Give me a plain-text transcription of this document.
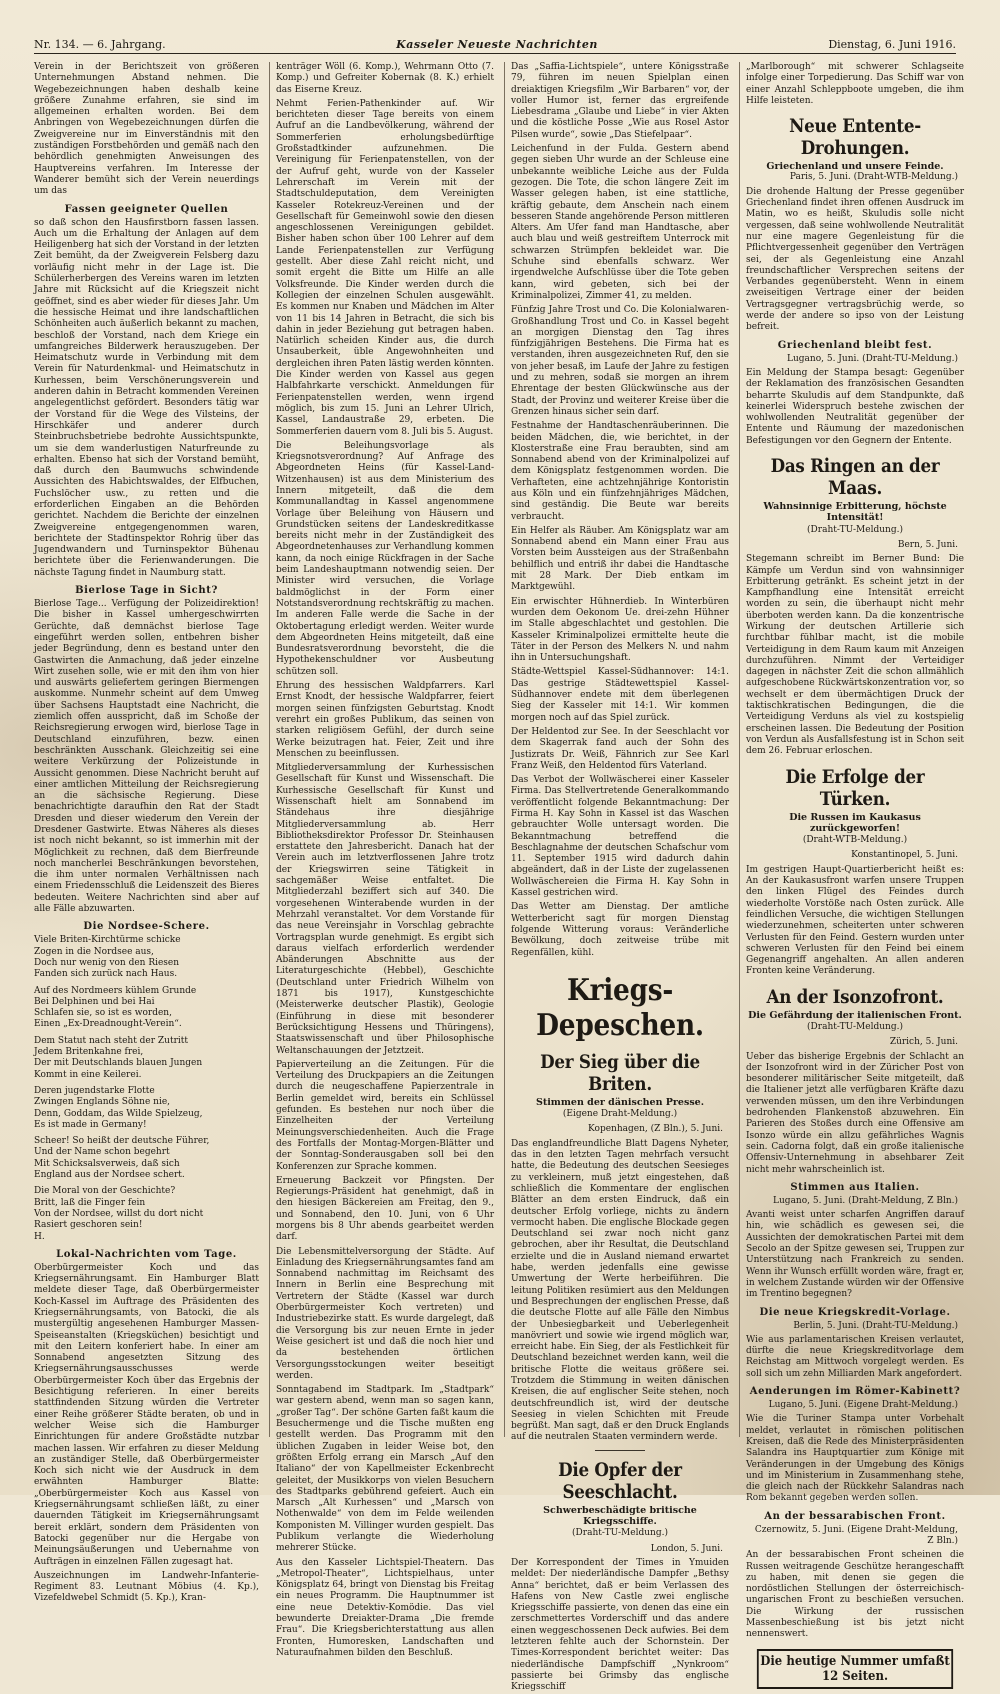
Nr. 134. — 6. Jahrgang.	Kasseler Neueste Nachrichten	Dienstag, 6. Juni 1916.

Verein in der Berichtszeit von größeren Unternehmungen Abstand nehmen. Die Wegebezeichnungen haben deshalb keine größere Zunahme erfahren, sie sind im allgemeinen erhalten worden. Bei dem Anbringen von Wegebezeichnungen dürfen die Zweigvereine nur im Einverständnis mit den zuständigen Forstbehörden und gemäß nach den behördlich genehmigten Anweisungen des Hauptvereins verfahren. Im Interesse der Wanderer bemüht sich der Verein neuerdings um das

Fassen geeigneter Quellen

so daß schon den Hausfirstborn fassen lassen. Auch um die Erhaltung der Anlagen auf dem Heiligenberg hat sich der Vorstand in der letzten Zeit bemüht, da der Zweigverein Felsberg dazu vorläufig nicht mehr in der Lage ist. Die Schülerherbergen des Vereins waren im letzten Jahre mit Rücksicht auf die Kriegszeit nicht geöffnet, sind es aber wieder für dieses Jahr. Um die hessische Heimat und ihre landschaftlichen Schönheiten auch äußerlich bekannt zu machen, beschloß der Vorstand, nach dem Kriege ein umfangreiches Bilderwerk herauszugeben. Der Heimatschutz wurde in Verbindung mit dem Verein für Naturdenkmal- und Heimatschutz in Kurhessen, beim Verschönerungsverein und anderen dahin in Betracht kommenden Vereinen angelegentlichst gefördert. Besonders tätig war der Vorstand für die Wege des Vilsteins, der Hirschkäfer und anderer durch Steinbruchsbetriebe bedrohte Aussichtspunkte, um sie dem wanderlustigen Naturfreunde zu erhalten. Ebenso hat sich der Vorstand bemüht, daß durch den Baumwuchs schwindende Aussichten des Habichtswaldes, der Elfbuchen, Fuchslöcher usw., zu retten und die erforderlichen Eingaben an die Behörden gerichtet. Nachdem die Berichte der einzelnen Zweigvereine entgegengenommen waren, berichtete der Stadtinspektor Rohrig über das Jugendwandern und Turninspektor Bühenau berichtete über die Ferienwanderungen. Die nächste Tagung findet in Naumburg statt.

Bierlose Tage in Sicht?

Bierlose Tage... Verfügung der Polizeidirektion! Die bisher in Kassel umhergeschwirrten Gerüchte, daß demnächst bierlose Tage eingeführt werden sollen, entbehren bisher jeder Begründung, denn es bestand unter den Gastwirten die Anmachung, daß jeder einzelne Wirt zusehen solle, wie er mit den ihm von hier und auswärts geliefertem geringen Biermengen auskomme. Nunmehr scheint auf dem Umweg über Sachsens Hauptstadt eine Nachricht, die ziemlich offen ausspricht, daß im Schoße der Reichsregierung erwogen wird, bierlose Tage in Deutschland einzuführen, bezw. einen beschränkten Ausschank. Gleichzeitig sei eine weitere Verkürzung der Polizeistunde in Aussicht genommen. Diese Nachricht beruht auf einer amtlichen Mitteilung der Reichsregierung an die sächsische Regierung. Diese benachrichtigte daraufhin den Rat der Stadt Dresden und dieser wiederum den Verein der Dresdener Gastwirte. Etwas Näheres als dieses ist noch nicht bekannt, so ist immerhin mit der Möglichkeit zu rechnen, daß dem Bierfreunde noch mancherlei Beschränkungen bevorstehen, die ihm unter normalen Verhältnissen nach einem Friedensschluß die Leidenszeit des Bieres bedeuten. Weitere Nachrichten sind aber auf alle Fälle abzuwarten.

Die Nordsee-Schere.

Viele Briten-Kirchtürme schicke

Zogen in die Nordsee aus,

Doch nur wenig von den Riesen

Fanden sich zurück nach Haus.

Auf des Nordmeers kühlem Grunde

Bei Delphinen und bei Hai

Schlafen sie, so ist es worden,

Einen „Ex-Dreadnought-Verein“.

Dem Statut nach steht der Zutritt

Jedem Britenkahne frei,

Der mit Deutschlands blauen Jungen

Kommt in eine Keilerei.

Deren jugendstarke Flotte

Zwingen Englands Söhne nie,

Denn, Goddam, das Wilde Spielzeug,

Es ist made in Germany!

Scheer! So heißt der deutsche Führer,

Und der Name schon begehrt

Mit Schicksalsverweis, daß sich

England aus der Nordsee schert.

Die Moral von der Geschichte?

Britt, laß die Finger fein

Von der Nordsee, willst du dort nicht

Rasiert geschoren sein!

H.

Lokal-Nachrichten vom Tage.

Oberbürgermeister Koch und das Kriegsernährungsamt. Ein Hamburger Blatt meldete dieser Tage, daß Oberbürgermeister Koch-Kassel im Auftrage des Präsidenten des Kriegsernährungsamts, von Batocki, die als mustergültig angesehenen Hamburger Massen-Speiseanstalten (Kriegsküchen) besichtigt und mit den Leitern konferiert habe. In einer am Sonnabend angesetzten Sitzung des Kriegsernährungsausschusses werde Oberbürgermeister Koch über das Ergebnis der Besichtigung referieren. In einer bereits stattfindenden Sitzung würden die Vertreter einer Reihe größerer Städte beraten, ob und in welcher Weise sich die Hamburger Einrichtungen für andere Großstädte nutzbar machen lassen. Wir erfahren zu dieser Meldung an zuständiger Stelle, daß Oberbürgermeister Koch sich nicht wie der Ausdruck in dem erwähnten Hamburger Blatte: „Oberbürgermeister Koch aus Kassel von Kriegsernährungsamt schließen läßt, zu einer dauernden Tätigkeit im Kriegsernährungsamt bereit erklärt, sondern dem Präsidenten von Batocki gegenüber nur die Hergabe von Meinungsäußerungen und Uebernahme von Aufträgen in einzelnen Fällen zugesagt hat.

Auszeichnungen im Landwehr-Infanterie-Regiment 83. Leutnant Möbius (4. Kp.), Vizefeldwebel Schmidt (5. Kp.), Kran-

kenträger Wöll (6. Komp.), Wehrmann Otto (7. Komp.) und Gefreiter Kobernak (8. K.) erhielt das Eiserne Kreuz.

Nehmt Ferien-Pathenkinder auf. Wir berichteten dieser Tage bereits von einem Aufruf an die Landbevölkerung, während der Sommerferien erholungsbedürftige Großstadtkinder aufzunehmen. Die Vereinigung für Ferienpatenstellen, von der der Aufruf geht, wurde von der Kasseler Lehrerschaft im Verein mit der Stadtschuldeputation, dem Vereinigten Kasseler Rotekreuz-Vereinen und der Gesellschaft für Gemeinwohl sowie den diesen angeschlossenen Vereinigungen gebildet. Bisher haben schon über 100 Lehrer auf dem Lande Ferienpatenstellen zur Verfügung gestellt. Aber diese Zahl reicht nicht, und somit ergeht die Bitte um Hilfe an alle Volksfreunde. Die Kinder werden durch die Kollegien der einzelnen Schulen ausgewählt. Es kommen nur Knaben und Mädchen im Alter von 11 bis 14 Jahren in Betracht, die sich bis dahin in jeder Beziehung gut betragen haben. Natürlich scheiden Kinder aus, die durch Unsauberkeit, üble Angewohnheiten und dergleichen ihren Paten lästig werden könnten. Die Kinder werden von Kassel aus gegen Halbfahrkarte verschickt. Anmeldungen für Ferienpatenstellen werden, wenn irgend möglich, bis zum 15. Juni an Lehrer Ulrich, Kassel, Landaustraße 29, erbeten. Die Sommerferien dauern vom 8. Juli bis 5. August.

Die Beleihungsvorlage als Kriegsnotsverordnung? Auf Anfrage des Abgeordneten Heins (für Kassel-Land-Witzenhausen) ist aus dem Ministerium des Innern mitgeteilt, daß die dem Kommunallandtag in Kassel angenommene Vorlage über Beleihung von Häusern und Grundstücken seitens der Landeskreditkasse bereits nicht mehr in der Zuständigkeit des Abgeordnetenhauses zur Verhandlung kommen kann, da noch einige Rückfragen in der Sache beim Landeshauptmann notwendig seien. Der Minister wird versuchen, die Vorlage baldmöglichst in der Form einer Notstandsverordnung rechtskräftig zu machen. Im anderen Falle werde die Sache in der Oktobertagung erledigt werden. Weiter wurde dem Abgeordneten Heins mitgeteilt, daß eine Bundesratsverordnung bevorsteht, die die Hypothekenschuldner vor Ausbeutung schützen soll.

Ehrung des hessischen Waldpfarrers. Karl Ernst Knodt, der hessische Waldpfarrer, feiert morgen seinen fünfzigsten Geburtstag. Knodt verehrt ein großes Publikum, das seinen von starken religiösem Gefühl, der durch seine Werke beizutragen hat. Feier, Zeit und ihre Menschen zu beeinflussen.

Mitgliederversammlung der Kurhessischen Gesellschaft für Kunst und Wissenschaft. Die Kurhessische Gesellschaft für Kunst und Wissenschaft hielt am Sonnabend im Ständehaus ihre diesjährige Mitgliederversammlung ab. Herr Bibliotheksdirektor Professor Dr. Steinhausen erstattete den Jahresbericht. Danach hat der Verein auch im letztverflossenen Jahre trotz der Kriegswirren seine Tätigkeit in sachgemäßer Weise entfaltet. Die Mitgliederzahl beziffert sich auf 340. Die vorgesehenen Winterabende wurden in der Mehrzahl veranstaltet. Vor dem Vorstande für das neue Vereinsjahr in Vorschlag gebrachte Vortragsplan wurde genehmigt. Es ergibt sich daraus vielfach erforderlich werdender Abänderungen Abschnitte aus der Literaturgeschichte (Hebbel), Geschichte (Deutschland unter Friedrich Wilhelm von 1871 bis 1917), Kunstgeschichte (Meisterwerke deutscher Plastik), Geologie (Einführung in diese mit besonderer Berücksichtigung Hessens und Thüringens), Staatswissenschaft und über Philosophische Weltanschauungen der Jetztzeit.

Papierverteilung an die Zeitungen. Für die Verteilung des Druckpapiers an die Zeitungen durch die neugeschaffene Papierzentrale in Berlin gemeldet wird, bereits ein Schlüssel gefunden. Es bestehen nur noch über die Einzelheiten der Verteilung Meinungsverschiedenheiten. Auch die Frage des Fortfalls der Montag-Morgen-Blätter und der Sonntag-Sonderausgaben soll bei den Konferenzen zur Sprache kommen.

Erneuerung Backzeit vor Pfingsten. Der Regierungs-Präsident hat genehmigt, daß in den hiesigen Bäckereien am Freitag, den 9., und Sonnabend, den 10. Juni, von 6 Uhr morgens bis 8 Uhr abends gearbeitet werden darf.

Die Lebensmittelversorgung der Städte. Auf Einladung des Kriegsernährungsamtes fand am Sonnabend nachmittag im Reichsamt des Innern in Berlin eine Besprechung mit Vertretern der Städte (Kassel war durch Oberbürgermeister Koch vertreten) und Industriebezirke statt. Es wurde dargelegt, daß die Versorgung bis zur neuen Ernte in jeder Weise gesichert ist und daß die noch hier und da bestehenden örtlichen Versorgungsstockungen weiter beseitigt werden.

Sonntagabend im Stadtpark. Im „Stadtpark“ war gestern abend, wenn man so sagen kann, „großer Tag“. Der schöne Garten faßt kaum die Besuchermenge und die Tische mußten eng gestellt werden. Das Programm mit den üblichen Zugaben in leider Weise bot, den größten Erfolg errang ein Marsch „Auf den Italiano“ der von Kapellmeister Eckenbrecht geleitet, der Musikkorps von vielen Besuchern des Stadtparks gebührend gefeiert. Auch ein Marsch „Alt Kurhessen“ und „Marsch von Nothenwalde“ von dem im Felde weilenden Komponisten M. Villinger wurden gespielt. Das Publikum verlangte die Wiederholung mehrerer Stücke.

Aus den Kasseler Lichtspiel-Theatern. Das „Metropol-Theater“, Lichtspielhaus, unter Königsplatz 64, bringt von Dienstag bis Freitag ein neues Programm. Die Hauptnummer ist eine neue Detektiv-Komödie. Das viel bewunderte Dreiakter-Drama „Die fremde Frau“. Die Kriegsberichterstattung aus allen Fronten, Humoresken, Landschaften und Naturaufnahmen bilden den Beschluß.

Das „Saffia-Lichtspiele“, untere Königsstraße 79, führen im neuen Spielplan einen dreiaktigen Kriegsfilm „Wir Barbaren“ vor, der voller Humor ist, ferner das ergreifende Liebesdrama „Glaube und Liebe“ in vier Akten und die köstliche Posse „Wie aus Rosel Astor Pilsen wurde“, sowie „Das Stiefelpaar“.

Leichenfund in der Fulda. Gestern abend gegen sieben Uhr wurde an der Schleuse eine unbekannte weibliche Leiche aus der Fulda gezogen. Die Tote, die schon längere Zeit im Wasser gelegen haben, ist eine stattliche, kräftig gebaute, dem Anschein nach einem besseren Stande angehörende Person mittleren Alters. Am Ufer fand man Handtasche, aber auch blau und weiß gestreiftem Unterrock mit schwarzen Strümpfen bekleidet war. Die Schuhe sind ebenfalls schwarz. Wer irgendwelche Aufschlüsse über die Tote geben kann, wird gebeten, sich bei der Kriminalpolizei, Zimmer 41, zu melden.

Fünfzig Jahre Trost und Co. Die Kolonialwaren-Großhandlung Trost und Co. in Kassel begeht an morgigen Dienstag den Tag ihres fünfzigjährigen Bestehens. Die Firma hat es verstanden, ihren ausgezeichneten Ruf, den sie von jeher besaß, im Laufe der Jahre zu festigen und zu mehren, sodaß sie morgen an ihrem Ehrentage der besten Glückwünsche aus der Stadt, der Provinz und weiterer Kreise über die Grenzen hinaus sicher sein darf.

Festnahme der Handtaschenräuberinnen. Die beiden Mädchen, die, wie berichtet, in der Klosterstraße eine Frau beraubten, sind am Sonnabend abend von der Kriminalpolizei auf dem Königsplatz festgenommen worden. Die Verhafteten, eine achtzehnjährige Kontoristin aus Köln und ein fünfzehnjähriges Mädchen, sind geständig. Die Beute war bereits verbraucht.

Ein Helfer als Räuber. Am Königsplatz war am Sonnabend abend ein Mann einer Frau aus Vorsten beim Aussteigen aus der Straßenbahn behilflich und entriß ihr dabei die Handtasche mit 28 Mark. Der Dieb entkam im Marktgewühl.

Ein erwischter Hühnerdieb. In Winterbüren wurden dem Oekonom Ue. drei-zehn Hühner im Stalle abgeschlachtet und gestohlen. Die Kasseler Kriminalpolizei ermittelte heute die Täter in der Person des Melkers N. und nahm ihn in Untersuchungshaft.

Städte-Wettspiel Kassel-Südhannover: 14:1. Das gestrige Städtewettspiel Kassel-Südhannover endete mit dem überlegenen Sieg der Kasseler mit 14:1. Wir kommen morgen noch auf das Spiel zurück.

Der Heldentod zur See. In der Seeschlacht vor dem Skagerrak fand auch der Sohn des Justizrats Dr. Weiß, Fähnrich zur See Karl Franz Weiß, den Heldentod fürs Vaterland.

Das Verbot der Wollwäscherei einer Kasseler Firma. Das Stellvertretende Generalkommando veröffentlicht folgende Bekanntmachung: Der Firma H. Kay Sohn in Kassel ist das Waschen gebrauchter Wolle untersagt worden. Die Bekanntmachung betreffend die Beschlagnahme der deutschen Schafschur vom 11. September 1915 wird dadurch dahin abgeändert, daß in der Liste der zugelassenen Wollwäschereien die Firma H. Kay Sohn in Kassel gestrichen wird.

Das Wetter am Dienstag. Der amtliche Wetterbericht sagt für morgen Dienstag folgende Witterung voraus: Veränderliche Bewölkung, doch zeitweise trübe mit Regenfällen, kühl.

Kriegs-Depeschen.
Der Sieg über die Briten.

Stimmen der dänischen Presse.

(Eigene Draht-Meldung.)

Kopenhagen, (Z Bln.), 5. Juni.

Das englandfreundliche Blatt Dagens Nyheter, das in den letzten Tagen mehrfach versucht hatte, die Bedeutung des deutschen Seesieges zu verkleinern, muß jetzt eingestehen, daß schließlich die Kommentare der englischen Blätter an dem ersten Eindruck, daß ein deutscher Erfolg vorliege, nichts zu ändern vermocht haben. Die englische Blockade gegen Deutschland sei zwar noch nicht ganz gebrochen, aber ihr Resultat, die Deutschland erzielte und die in Ausland niemand erwartet habe, werden jedenfalls eine gewisse Umwertung der Werte herbeiführen. Die leitung Politiken resümiert aus den Meldungen und Besprechungen der englischen Presse, daß die deutsche Flotte auf alle Fälle den Nimbus der Unbesiegbarkeit und Ueberlegenheit manövriert und sowie wie irgend möglich war, erreicht habe. Ein Sieg, der als Festlichkeit für Deutschland bezeichnet werden kann, weil die britische Flotte die weitaus größere sei. Trotzdem die Stimmung in weiten dänischen Kreisen, die auf englischer Seite stehen, noch deutschfreundlich ist, wird der deutsche Seesieg in vielen Schichten mit Freude begrüßt. Man sagt, daß er den Druck Englands auf die neutralen Staaten vermindern werde.

Die Opfer der Seeschlacht.

Schwerbeschädigte britische Kriegsschiffe.

(Draht-TU-Meldung.)

London, 5. Juni.

Der Korrespondent der Times in Ymuiden meldet: Der niederländische Dampfer „Bethsy Anna“ berichtet, daß er beim Verlassen des Hafens von New Castle zwei englische Kriegsschiffe passierte, von denen das eine ein zerschmettertes Vorderschiff und das andere einen weggeschossenen Deck aufwies. Bei dem letzteren fehlte auch der Schornstein. Der Times-Korrespondent berichtet weiter: Das niederländische Dampfschiff „Nynkroom“ passierte bei Grimsby das englische Kriegsschiff

„Marlborough“ mit schwerer Schlagseite infolge einer Torpedierung. Das Schiff war von einer Anzahl Schleppboote umgeben, die ihm Hilfe leisteten.

Neue Entente-Drohungen.

Griechenland und unsere Feinde.

Paris, 5. Juni. (Draht-WTB-Meldung.)

Die drohende Haltung der Presse gegenüber Griechenland findet ihren offenen Ausdruck im Matin, wo es heißt, Skuludis solle nicht vergessen, daß seine wohlwollende Neutralität nur eine magere Gegenleistung für die Pflichtvergessenheit gegenüber den Verträgen sei, der als Gegenleistung eine Anzahl freundschaftlicher Versprechen seitens der Verbandes gegenübersteht. Wenn in einem zweiseitigen Vertrage einer der beiden Vertragsgegner vertragsbrüchig werde, so werde der andere so ipso von der Leistung befreit.

Griechenland bleibt fest.

Lugano, 5. Juni. (Draht-TU-Meldung.)

Ein Meldung der Stampa besagt: Gegenüber der Reklamation des französischen Gesandten beharrte Skuludis auf dem Standpunkte, daß keinerlei Widerspruch bestehe zwischen der wohlwollenden Neutralität gegenüber der Entente und Räumung der mazedonischen Befestigungen vor den Gegnern der Entente.

Das Ringen an der Maas.

Wahnsinnige Erbitterung, höchste Intensität!

(Draht-TU-Meldung.)

Bern, 5. Juni.

Stegemann schreibt im Berner Bund: Die Kämpfe um Verdun sind von wahnsinniger Erbitterung getränkt. Es scheint jetzt in der Kampfhandlung eine Intensität erreicht worden zu sein, die überhaupt nicht mehr überboten werden kann. Da die konzentrische Wirkung der deutschen Artillerie sich furchtbar fühlbar macht, ist die mobile Verteidigung in dem Raum kaum mit Anzeigen durchzuführen. Nimmt der Verteidiger dagegen in nächster Zeit die schon allmählich aufgeschobene Rückwärtskonzentration vor, so wechselt er dem übermächtigen Druck der taktischkratischen Bedingungen, die die Verteidigung Verduns als viel zu kostspielig erscheinen lassen. Die Bedeutung der Position von Verdun als Ausfallsfestung ist in Schon seit dem 26. Februar erloschen.

Die Erfolge der Türken.

Die Russen im Kaukasus zurückgeworfen!

(Draht-WTB-Meldung.)

Konstantinopel, 5. Juni.

Im gestrigen Haupt-Quartierbericht heißt es: An der Kaukasusfront warfen unsere Truppen den linken Flügel des Feindes durch wiederholte Vorstöße nach Osten zurück. Alle feindlichen Versuche, die wichtigen Stellungen wiederzunehmen, scheiterten unter schweren Verlusten für den Feind. Gestern wurden unter schweren Verlusten für den Feind bei einem Gegenangriff angehalten. An allen anderen Fronten keine Veränderung.

An der Isonzofront.

Die Gefährdung der italienischen Front.

(Draht-TU-Meldung.)

Zürich, 5. Juni.

Ueber das bisherige Ergebnis der Schlacht an der Isonzofront wird in der Züricher Post von besonderer militärischer Seite mitgeteilt, daß die Italiener jetzt alle verfügbaren Kräfte dazu verwenden müssen, um den ihre Verbindungen bedrohenden Flankenstoß abzuwehren. Ein Parieren des Stoßes durch eine Offensive am Isonzo würde ein allzu gefährliches Wagnis sein. Cadorna folgt, daß ein große italienische Offensiv-Unternehmung in absehbarer Zeit nicht mehr wahrscheinlich ist.

Stimmen aus Italien.

Lugano, 5. Juni. (Draht-Meldung, Z Bln.)

Avanti weist unter scharfen Angriffen darauf hin, wie schädlich es gewesen sei, die Aussichten der demokratischen Partei mit dem Secolo an der Spitze gewesen sei, Truppen zur Unterstützung nach Frankreich zu senden. Wenn ihr Wunsch erfüllt worden wäre, fragt er, in welchem Zustande würden wir der Offensive im Trentino begegnen?

Die neue Kriegskredit-Vorlage.

Berlin, 5. Juni. (Draht-TU-Meldung.)

Wie aus parlamentarischen Kreisen verlautet, dürfte die neue Kriegskreditvorlage dem Reichstag am Mittwoch vorgelegt werden. Es soll sich um zehn Milliarden Mark angefordert.

Aenderungen im Römer-Kabinett?

Lugano, 5. Juni. (Eigene Draht-Meldung.)

Wie die Turiner Stampa unter Vorbehalt meldet, verlautet in römischen politischen Kreisen, daß die Rede des Ministerpräsidenten Salandra ins Hauptquartier zum Könige mit Veränderungen in der Umgebung des Königs und im Ministerium in Zusammenhang stehe, die gleich nach der Rückkehr Salandras nach Rom bekannt gegeben werden sollen.

An der bessarabischen Front.

Czernowitz, 5. Juni. (Eigene Draht-Meldung, Z Bln.)

An der bessarabischen Front scheinen die Russen weitragende Geschütze herangeschafft zu haben, mit denen sie gegen die nordöstlichen Stellungen der österreichisch-ungarischen Front zu beschießen versuchen. Die Wirkung der russischen Massenbeschießung ist bis jetzt nicht nennenswert.

Die heutige Nummer umfaßt 12 Seiten.
